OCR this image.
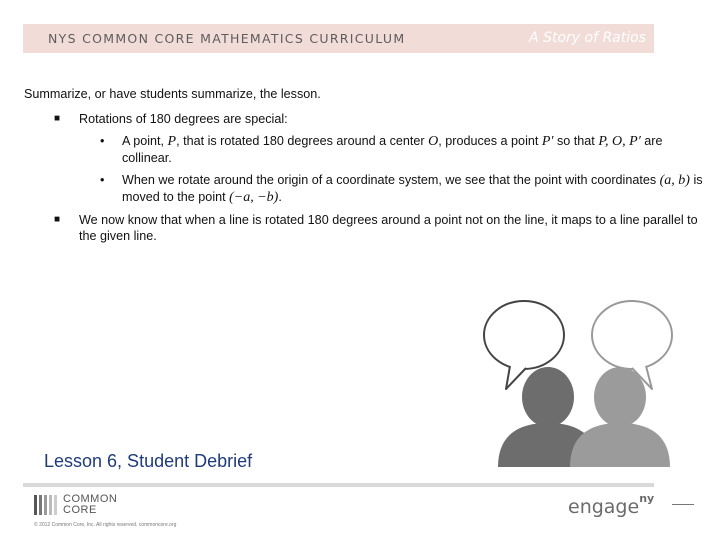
NYS COMMON CORE MATHEMATICS CURRICULUM	A Story of Ratios

Summarize, or have students summarize, the lesson.

■ Rotations of 180 degrees are special:
• A point, P, that is rotated 180 degrees around a center O, produces a point P′ so that P, O, P′ are collinear.
• When we rotate around the origin of a coordinate system, we see that the point with coordinates (a, b) is moved to the point (−a, −b).
■ We now know that when a line is rotated 180 degrees around a point not on the line, it maps to a line parallel to the given line.
Lesson 6, Student Debrief
COMMON
CORE
© 2012 Common Core, Inc. All rights reserved. commoncore.org
engage$^{ny}$
